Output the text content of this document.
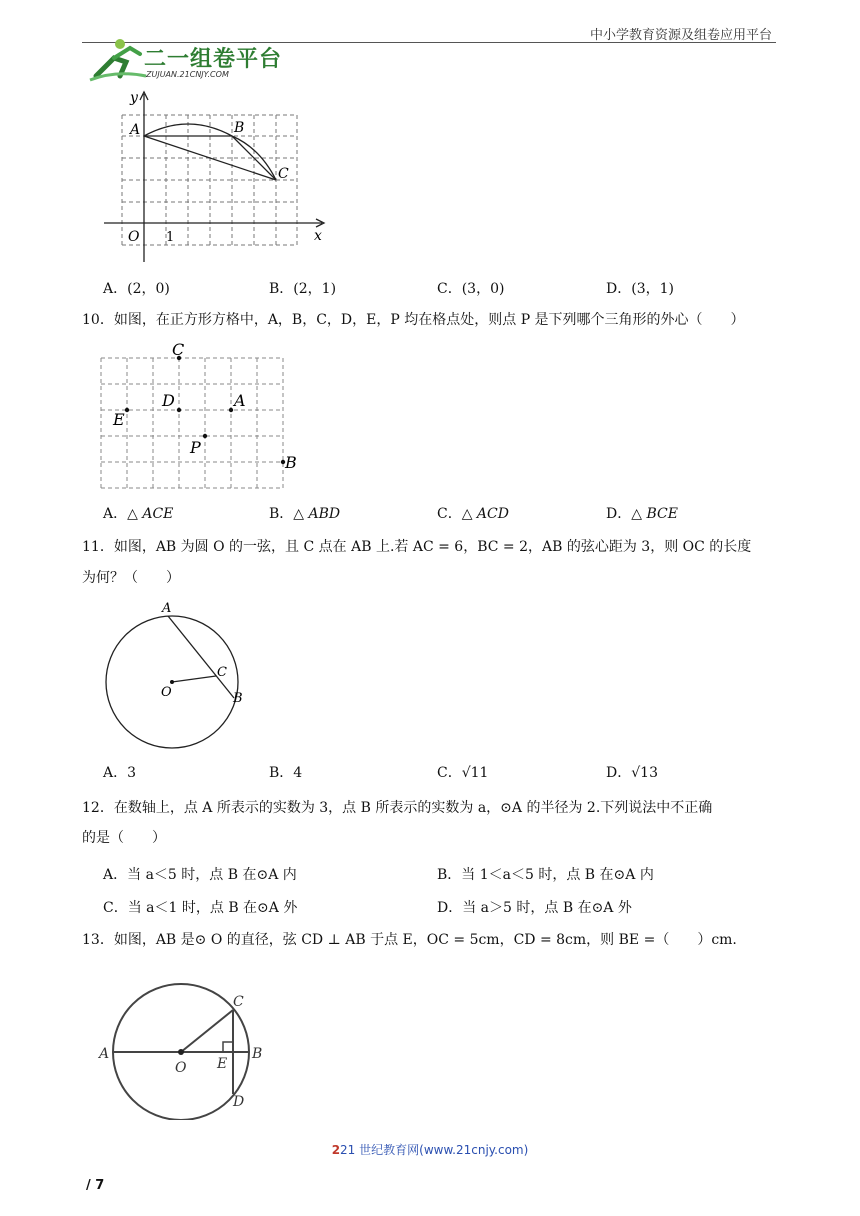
中小学教育资源及组卷应用平台
二一组卷平台
ZUJUAN.21CNJY.COM
y
x
A	B
C
O 1
A．(2，0)	B．(2，1)	C．(3，0)	D．(3，1)
10．如图，在正方形方格中，A，B，C，D，E，P 均在格点处，则点 P 是下列哪个三角形的外心（　　）
C
D	A
E
P
B
A．△ ACE	B．△ ABD	C．△ ACD	D．△ BCE
11．如图，AB 为圆 O 的一弦，且 C 点在 AB 上.若 AC = 6，BC = 2，AB 的弦心距为 3，则 OC 的长度
为何？（　　）
A
C
O	B
A．3	B．4	C．√11	D．√13
12．在数轴上，点 A 所表示的实数为 3，点 B 所表示的实数为 a，⊙A 的半径为 2.下列说法中不正确
的是（　　）
A．当 a＜5 时，点 B 在⊙A 内	B．当 1＜a＜5 时，点 B 在⊙A 内
C．当 a＜1 时，点 B 在⊙A 外	D．当 a＞5 时，点 B 在⊙A 外
13．如图，AB 是⊙ O 的直径，弦 CD ⊥ AB 于点 E，OC = 5cm，CD = 8cm，则 BE =（　　）cm.
A
O E
B
C
D
221 世纪教育网(www.21cnjy.com)
/ 7
